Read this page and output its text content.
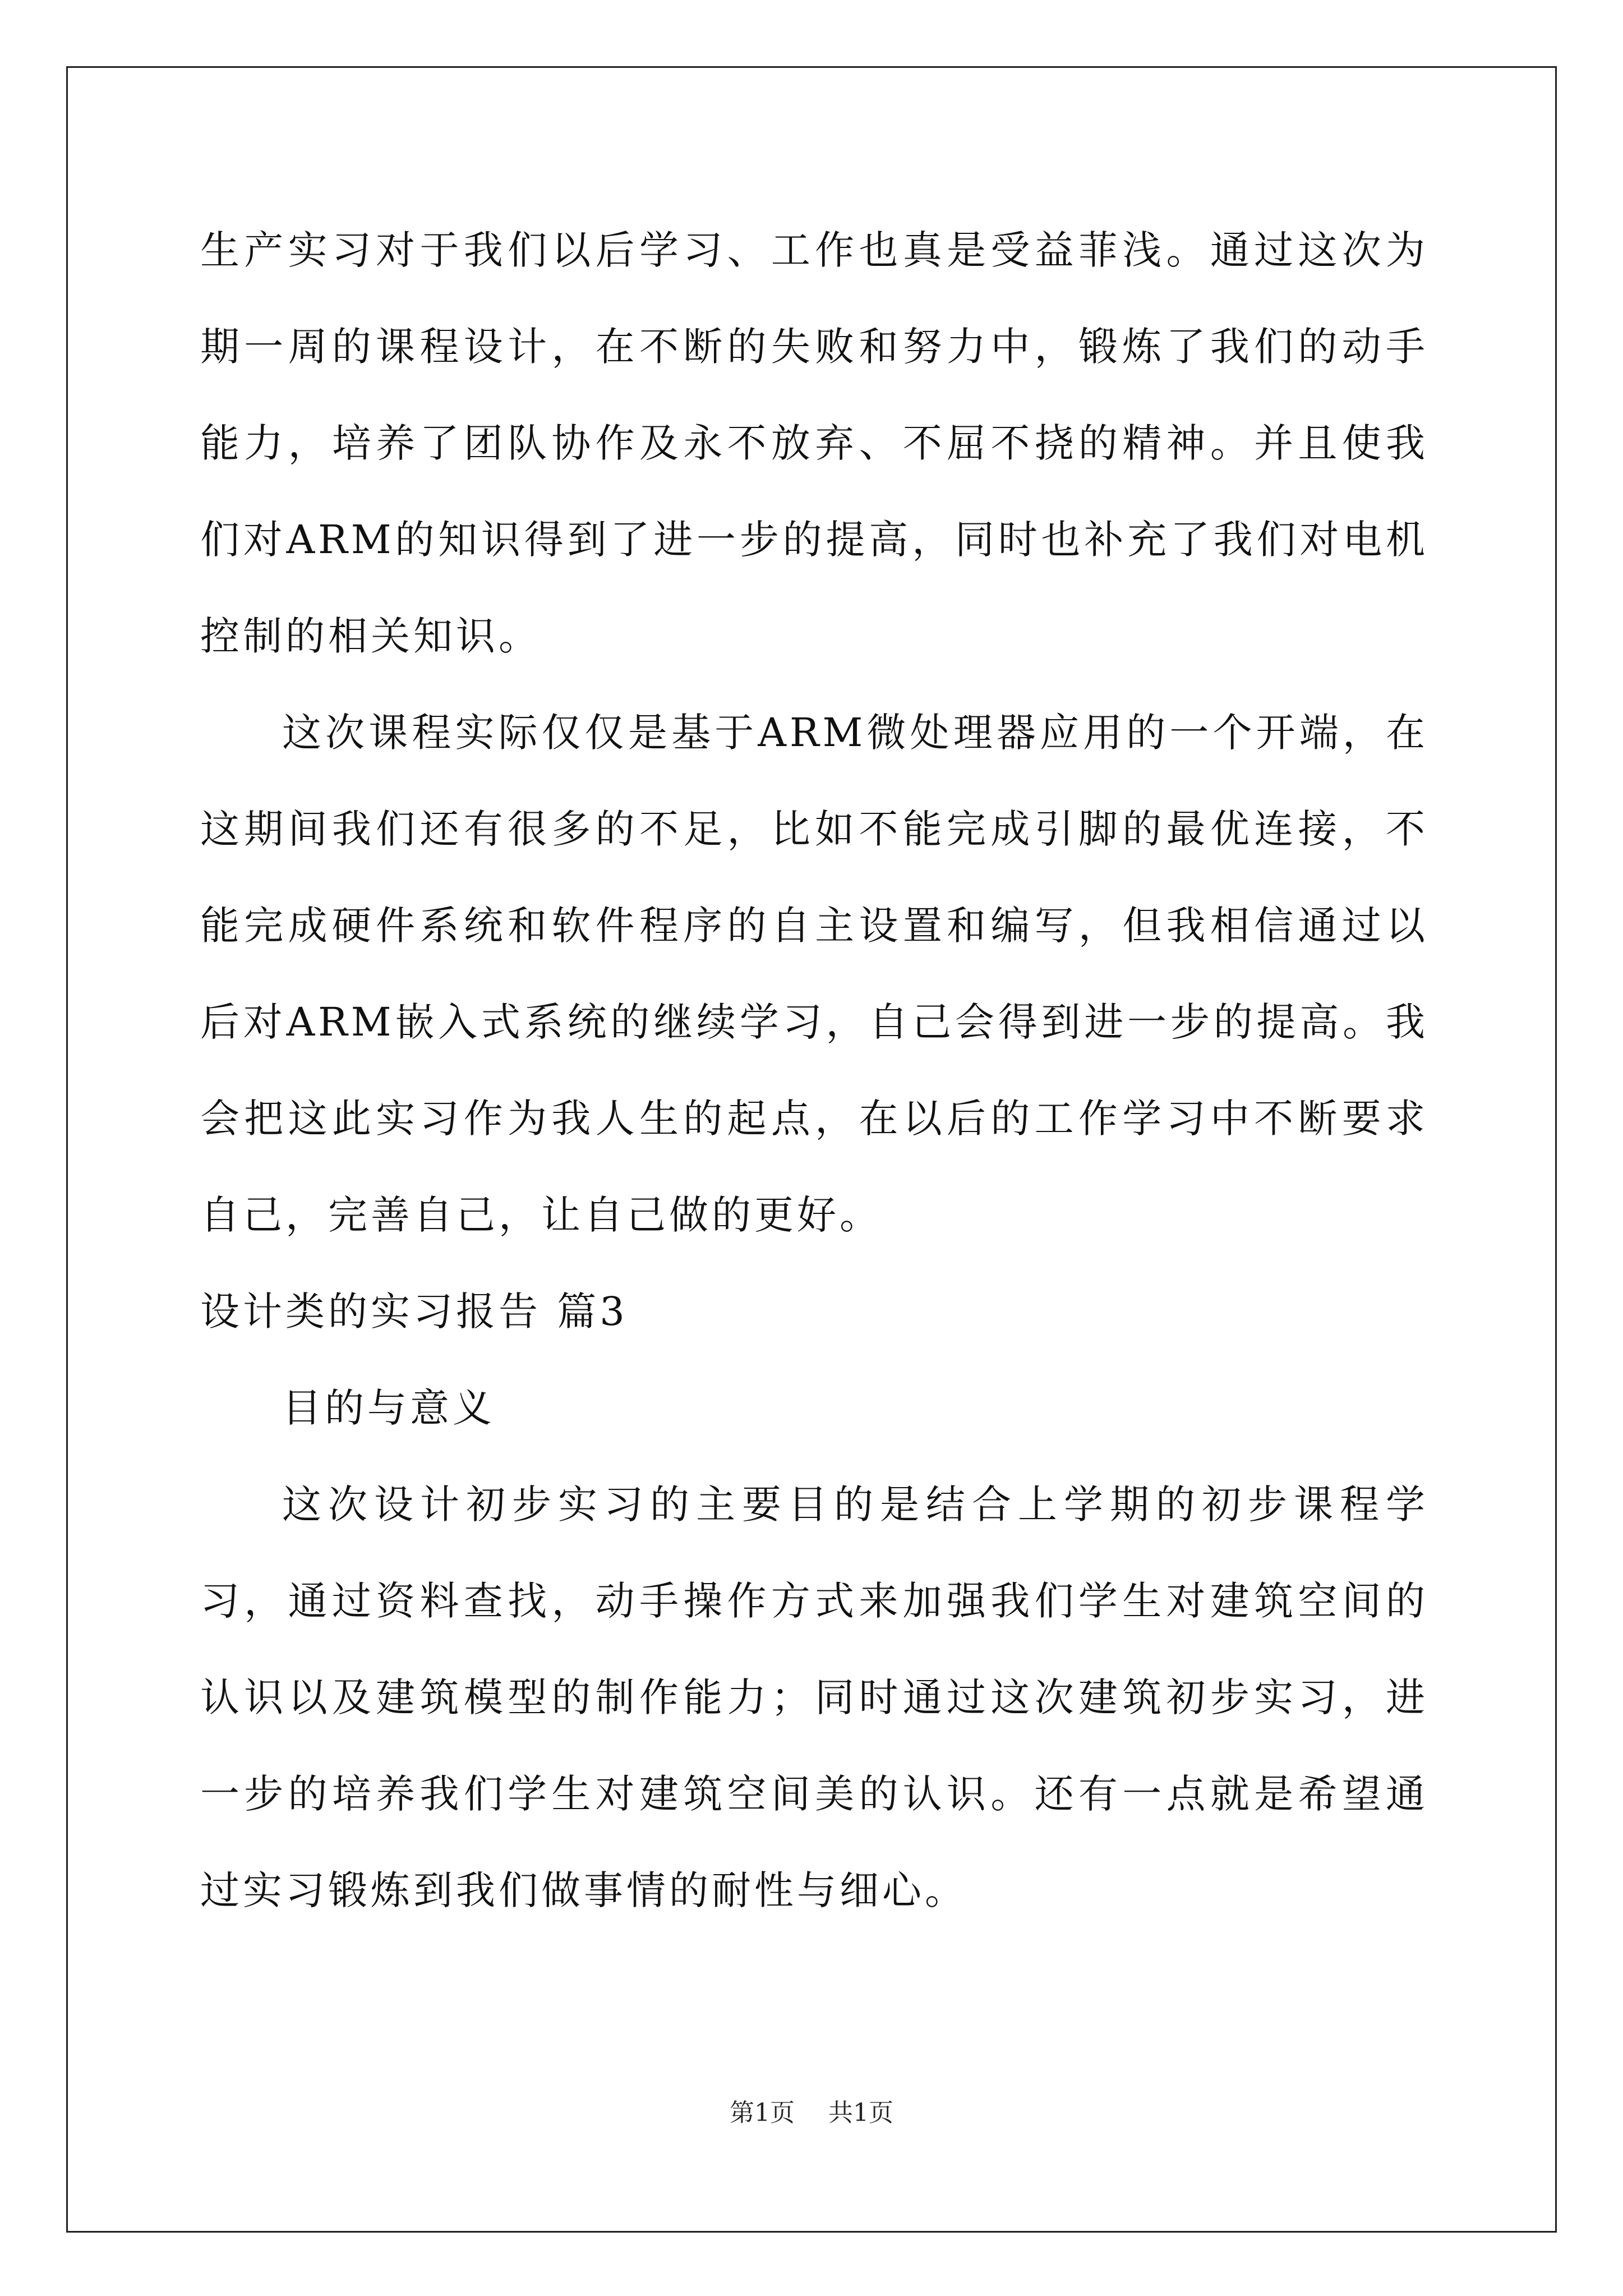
生产实习对于我们以后学习、工作也真是受益菲浅。通过这次为期一周的课程设计，在不断的失败和努力中，锻炼了我们的动手能力，培养了团队协作及永不放弃、不屈不挠的精神。并且使我们对ARM的知识得到了进一步的提高，同时也补充了我们对电机控制的相关知识。

这次课程实际仅仅是基于ARM微处理器应用的一个开端，在这期间我们还有很多的不足，比如不能完成引脚的最优连接，不能完成硬件系统和软件程序的自主设置和编写，但我相信通过以后对ARM嵌入式系统的继续学习，自己会得到进一步的提高。我会把这此实习作为我人生的起点，在以后的工作学习中不断要求自己，完善自己，让自己做的更好。

设计类的实习报告 篇3

目的与意义

这次设计初步实习的主要目的是结合上学期的初步课程学习，通过资料查找，动手操作方式来加强我们学生对建筑空间的认识以及建筑模型的制作能力；同时通过这次建筑初步实习，进一步的培养我们学生对建筑空间美的认识。还有一点就是希望通过实习锻炼到我们做事情的耐性与细心。

第1页 共1页
